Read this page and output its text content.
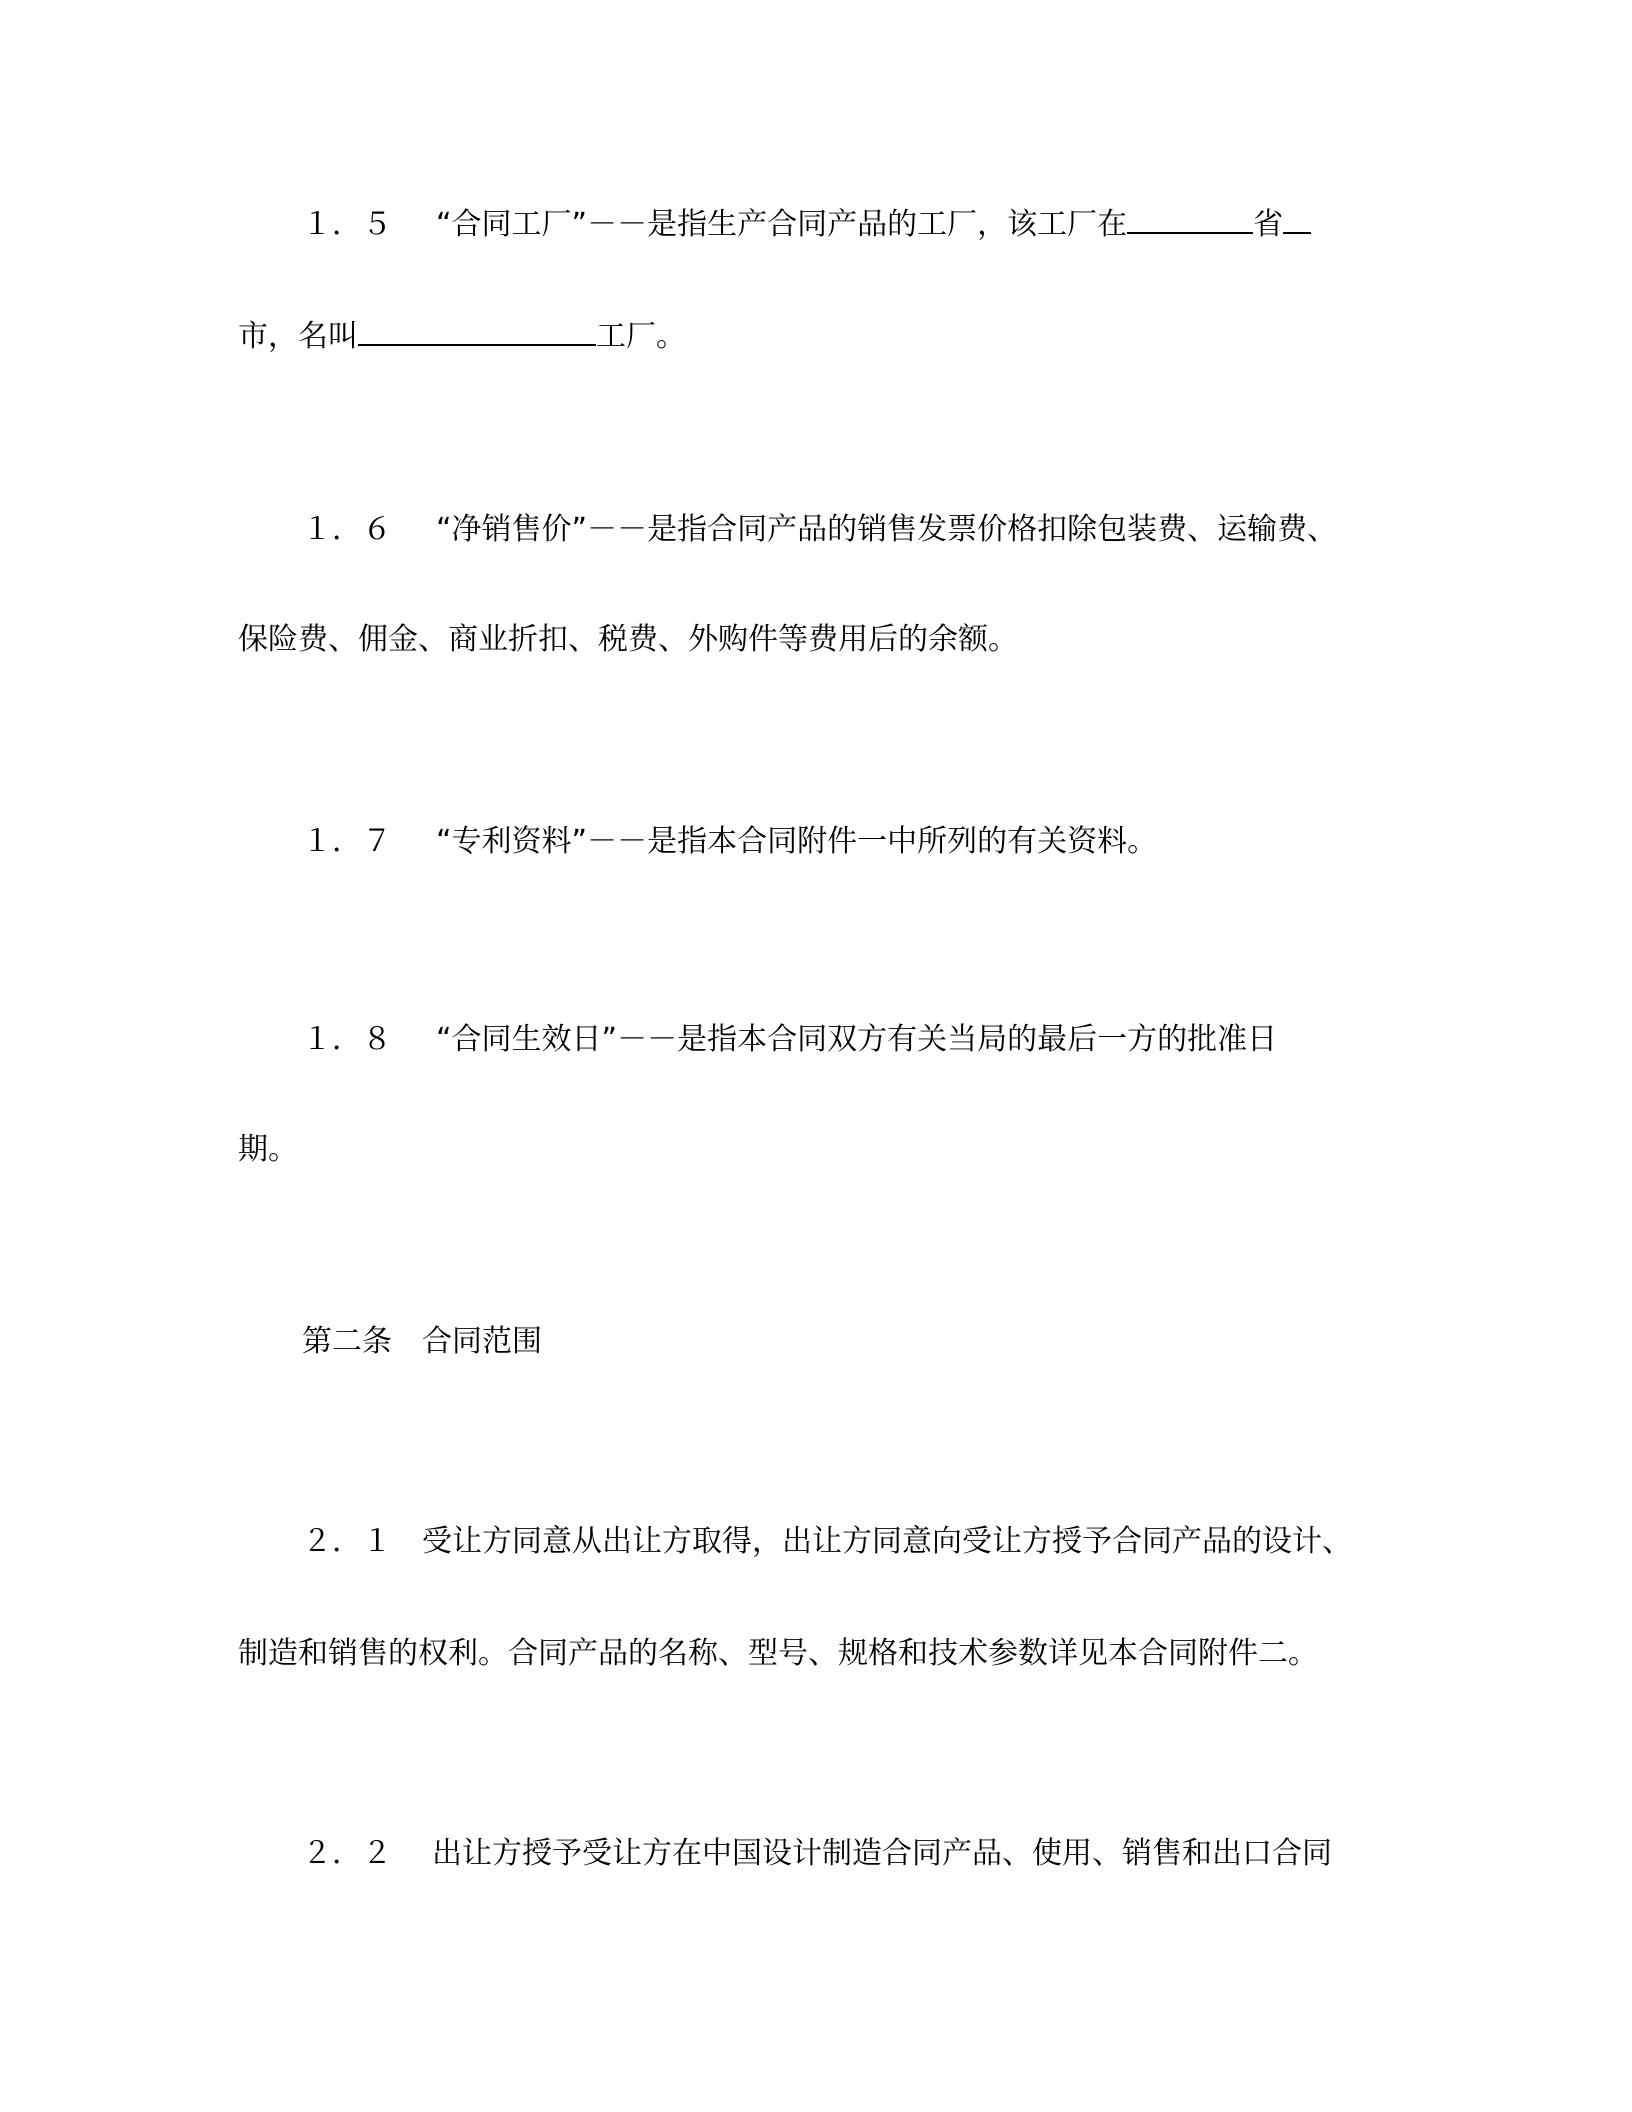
１．５ “合同工厂”－－是指生产合同产品的工厂，该工厂在	省
市，名叫	工厂。
１．６ “净销售价”－－是指合同产品的销售发票价格扣除包装费、运输费、
保险费、佣金、商业折扣、税费、外购件等费用后的余额。
１．７ “专利资料”－－是指本合同附件一中所列的有关资料。
１．８ “合同生效日”－－是指本合同双方有关当局的最后一方的批准日
期。
第二条　合同范围
２．１ 受让方同意从出让方取得，出让方同意向受让方授予合同产品的设计、
制造和销售的权利。合同产品的名称、型号、规格和技术参数详见本合同附件二。
２．２ 出让方授予受让方在中国设计制造合同产品、使用、销售和出口合同
